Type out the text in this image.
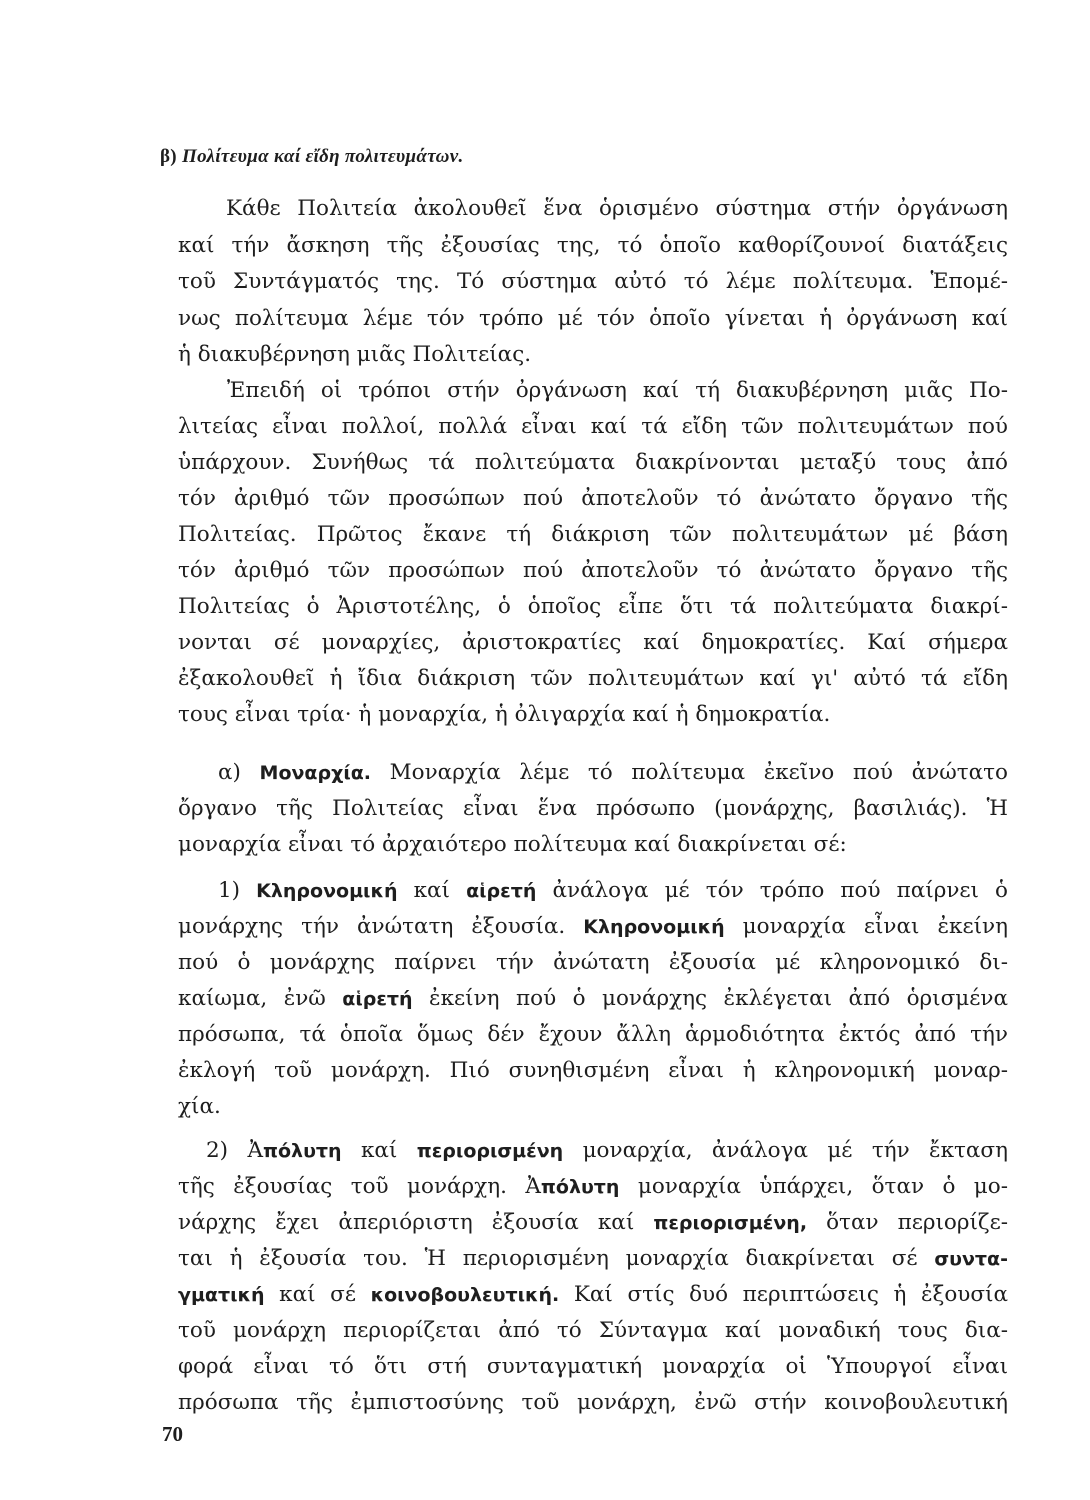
β) Πολίτευμα καί εἴδη πολιτευμάτων.
Κάθε Πολιτεία ἀκολουθεῖ ἕνα ὁρισμένο σύστημα στήν ὀργάνωση
καί τήν ἄσκηση τῆς ἐξουσίας της, τό ὁποῖο καθορίζουνοί διατάξεις
τοῦ Συντάγματός της. Τό σύστημα αὐτό τό λέμε πολίτευμα. Ἑπομέ-
νως πολίτευμα λέμε τόν τρόπο μέ τόν ὁποῖο γίνεται ἡ ὀργάνωση καί
ἡ διακυβέρνηση μιᾶς Πολιτείας.
Ἐπειδή οἱ τρόποι στήν ὀργάνωση καί τή διακυβέρνηση μιᾶς Πο-
λιτείας εἶναι πολλοί, πολλά εἶναι καί τά εἴδη τῶν πολιτευμάτων πού
ὑπάρχουν. Συνήθως τά πολιτεύματα διακρίνονται μεταξύ τους ἀπό
τόν ἀριθμό τῶν προσώπων πού ἀποτελοῦν τό ἀνώτατο ὄργανο τῆς
Πολιτείας. Πρῶτος ἔκανε τή διάκριση τῶν πολιτευμάτων μέ βάση
τόν ἀριθμό τῶν προσώπων πού ἀποτελοῦν τό ἀνώτατο ὄργανο τῆς
Πολιτείας ὁ Ἀριστοτέλης, ὁ ὁποῖος εἶπε ὅτι τά πολιτεύματα διακρί-
νονται σέ μοναρχίες, ἀριστοκρατίες καί δημοκρατίες. Καί σήμερα
ἐξακολουθεῖ ἡ ἴδια διάκριση τῶν πολιτευμάτων καί γι' αὐτό τά εἴδη
τους εἶναι τρία· ἡ μοναρχία, ἡ ὀλιγαρχία καί ἡ δημοκρατία.
α) Μοναρχία. Μοναρχία λέμε τό πολίτευμα ἐκεῖνο πού ἀνώτατο
ὄργανο τῆς Πολιτείας εἶναι ἕνα πρόσωπο (μονάρχης, βασιλιάς). Ἡ
μοναρχία εἶναι τό ἀρχαιότερο πολίτευμα καί διακρίνεται σέ:
1) Κληρονομική καί αἱρετή ἀνάλογα μέ τόν τρόπο πού παίρνει ὁ
μονάρχης τήν ἀνώτατη ἐξουσία. Κληρονομική μοναρχία εἶναι ἐκείνη
πού ὁ μονάρχης παίρνει τήν ἀνώτατη ἐξουσία μέ κληρονομικό δι-
καίωμα, ἐνῶ αἱρετή ἐκείνη πού ὁ μονάρχης ἐκλέγεται ἀπό ὁρισμένα
πρόσωπα, τά ὁποῖα ὅμως δέν ἔχουν ἄλλη ἁρμοδιότητα ἐκτός ἀπό τήν
ἐκλογή τοῦ μονάρχη. Πιό συνηθισμένη εἶναι ἡ κληρονομική μοναρ-
χία.
2) Ἀπόλυτη καί περιορισμένη μοναρχία, ἀνάλογα μέ τήν ἔκταση
τῆς ἐξουσίας τοῦ μονάρχη. Ἀπόλυτη μοναρχία ὑπάρχει, ὅταν ὁ μο-
νάρχης ἔχει ἀπεριόριστη ἐξουσία καί περιορισμένη, ὅταν περιορίζε-
ται ἡ ἐξουσία του. Ἡ περιορισμένη μοναρχία διακρίνεται σέ συντα-
γματική καί σέ κοινοβουλευτική. Καί στίς δυό περιπτώσεις ἡ ἐξουσία
τοῦ μονάρχη περιορίζεται ἀπό τό Σύνταγμα καί μοναδική τους δια-
φορά εἶναι τό ὅτι στή συνταγματική μοναρχία οἱ Ὑπουργοί εἶναι
πρόσωπα τῆς ἐμπιστοσύνης τοῦ μονάρχη, ἐνῶ στήν κοινοβουλευτική
70
